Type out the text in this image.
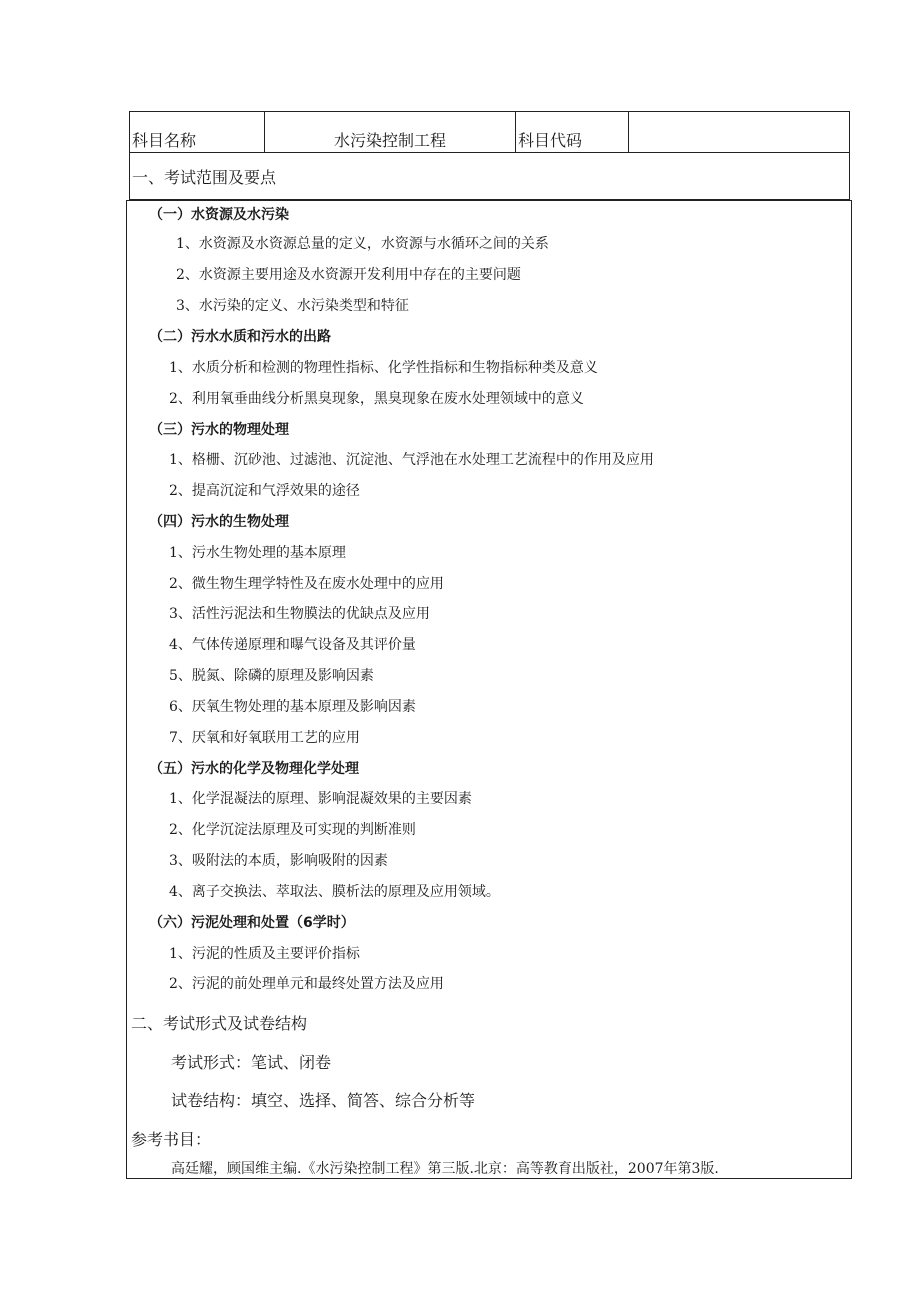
科目名称	水污染控制工程	科目代码

一、考试范围及要点
（一）水资源及水污染
1、水资源及水资源总量的定义，水资源与水循环之间的关系
2、水资源主要用途及水资源开发利用中存在的主要问题
3、水污染的定义、水污染类型和特征
（二）污水水质和污水的出路
1、水质分析和检测的物理性指标、化学性指标和生物指标种类及意义
2、利用氧垂曲线分析黑臭现象，黑臭现象在废水处理领域中的意义
（三）污水的物理处理
1、格栅、沉砂池、过滤池、沉淀池、气浮池在水处理工艺流程中的作用及应用
2、提高沉淀和气浮效果的途径
（四）污水的生物处理
1、污水生物处理的基本原理
2、微生物生理学特性及在废水处理中的应用
3、活性污泥法和生物膜法的优缺点及应用
4、气体传递原理和曝气设备及其评价量
5、脱氮、除磷的原理及影响因素
6、厌氧生物处理的基本原理及影响因素
7、厌氧和好氧联用工艺的应用
（五）污水的化学及物理化学处理
1、化学混凝法的原理、影响混凝效果的主要因素
2、化学沉淀法原理及可实现的判断准则
3、吸附法的本质，影响吸附的因素
4、离子交换法、萃取法、膜析法的原理及应用领域。
（六）污泥处理和处置（6学时）
1、污泥的性质及主要评价指标
2、污泥的前处理单元和最终处置方法及应用
二、考试形式及试卷结构
考试形式：笔试、闭卷
试卷结构：填空、选择、简答、综合分析等
参考书目：
高廷耀，顾国维主编.《水污染控制工程》第三版.北京：高等教育出版社，2007年第3版.
